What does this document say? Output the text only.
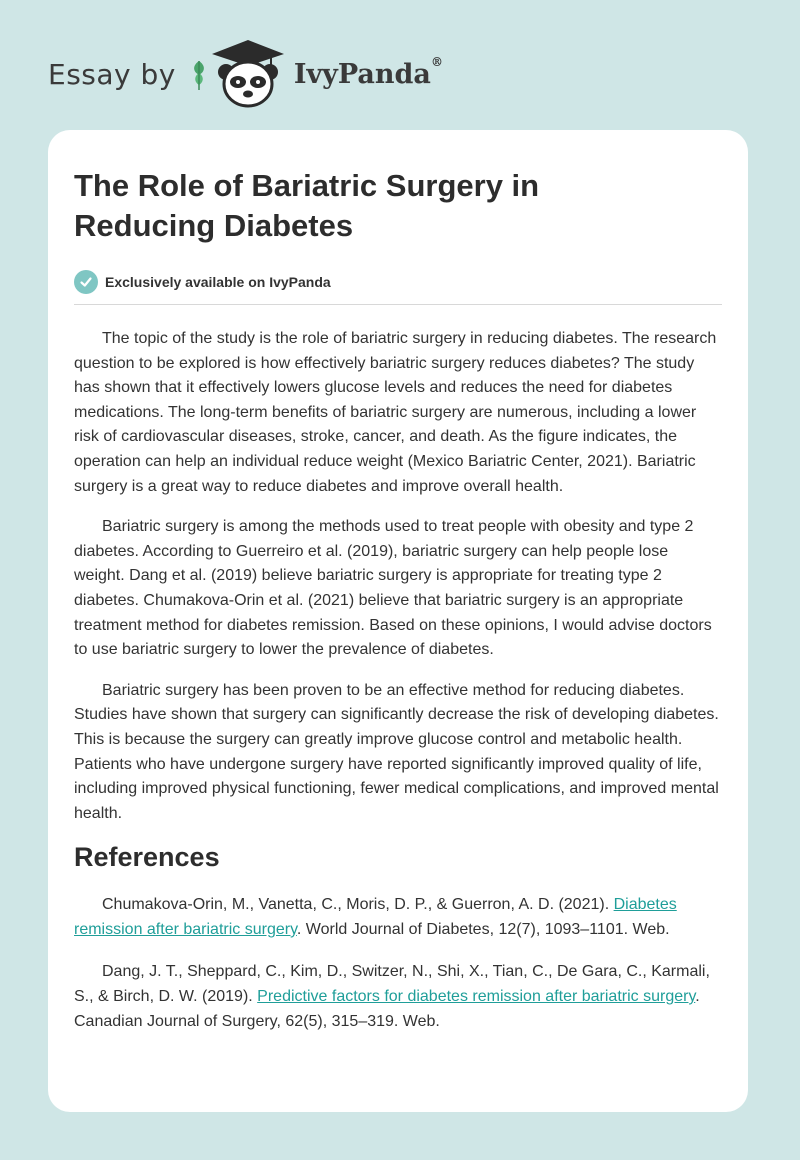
Essay by	IvyPanda®
The Role of Bariatric Surgery in Reducing Diabetes
Exclusively available on IvyPanda

The topic of the study is the role of bariatric surgery in reducing diabetes. The research question to be explored is how effectively bariatric surgery reduces diabetes? The study has shown that it effectively lowers glucose levels and reduces the need for diabetes medications. The long-term benefits of bariatric surgery are numerous, including a lower risk of cardiovascular diseases, stroke, cancer, and death. As the figure indicates, the operation can help an individual reduce weight (Mexico Bariatric Center, 2021). Bariatric surgery is a great way to reduce diabetes and improve overall health.

Bariatric surgery is among the methods used to treat people with obesity and type 2 diabetes. According to Guerreiro et al. (2019), bariatric surgery can help people lose weight. Dang et al. (2019) believe bariatric surgery is appropriate for treating type 2 diabetes. Chumakova-Orin et al. (2021) believe that bariatric surgery is an appropriate treatment method for diabetes remission. Based on these opinions, I would advise doctors to use bariatric surgery to lower the prevalence of diabetes.

Bariatric surgery has been proven to be an effective method for reducing diabetes. Studies have shown that surgery can significantly decrease the risk of developing diabetes. This is because the surgery can greatly improve glucose control and metabolic health. Patients who have undergone surgery have reported significantly improved quality of life, including improved physical functioning, fewer medical complications, and improved mental health.

References

Chumakova-Orin, M., Vanetta, C., Moris, D. P., & Guerron, A. D. (2021). Diabetes remission after bariatric surgery. World Journal of Diabetes, 12(7), 1093–1101. Web.

Dang, J. T., Sheppard, C., Kim, D., Switzer, N., Shi, X., Tian, C., De Gara, C., Karmali, S., & Birch, D. W. (2019). Predictive factors for diabetes remission after bariatric surgery. Canadian Journal of Surgery, 62(5), 315–319. Web.
